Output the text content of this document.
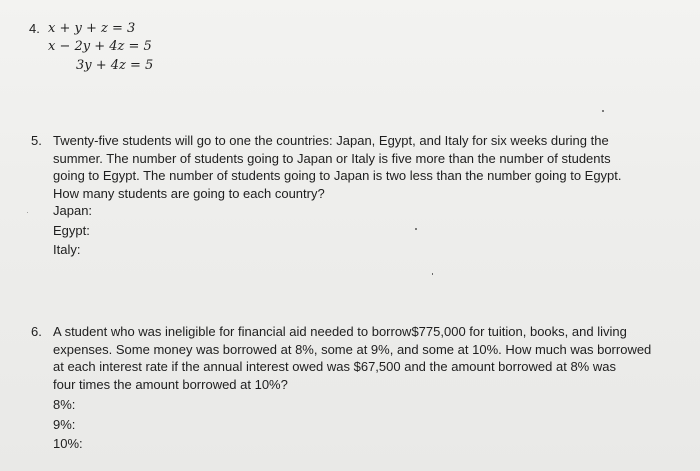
4. x + y + z = 3
x − 2y + 4z = 5
3y + 4z = 5
5. Twenty-five students will go to one the countries: Japan, Egypt, and Italy for six weeks during the
summer. The number of students going to Japan or Italy is five more than the number of students
going to Egypt. The number of students going to Japan is two less than the number going to Egypt.
How many students are going to each country?
Japan:
Egypt:
Italy:
6. A student who was ineligible for financial aid needed to borrow$775,000 for tuition, books, and living
expenses. Some money was borrowed at 8%, some at 9%, and some at 10%. How much was borrowed
at each interest rate if the annual interest owed was $67,500 and the amount borrowed at 8% was
four times the amount borrowed at 10%?
8%:
9%:
10%:
